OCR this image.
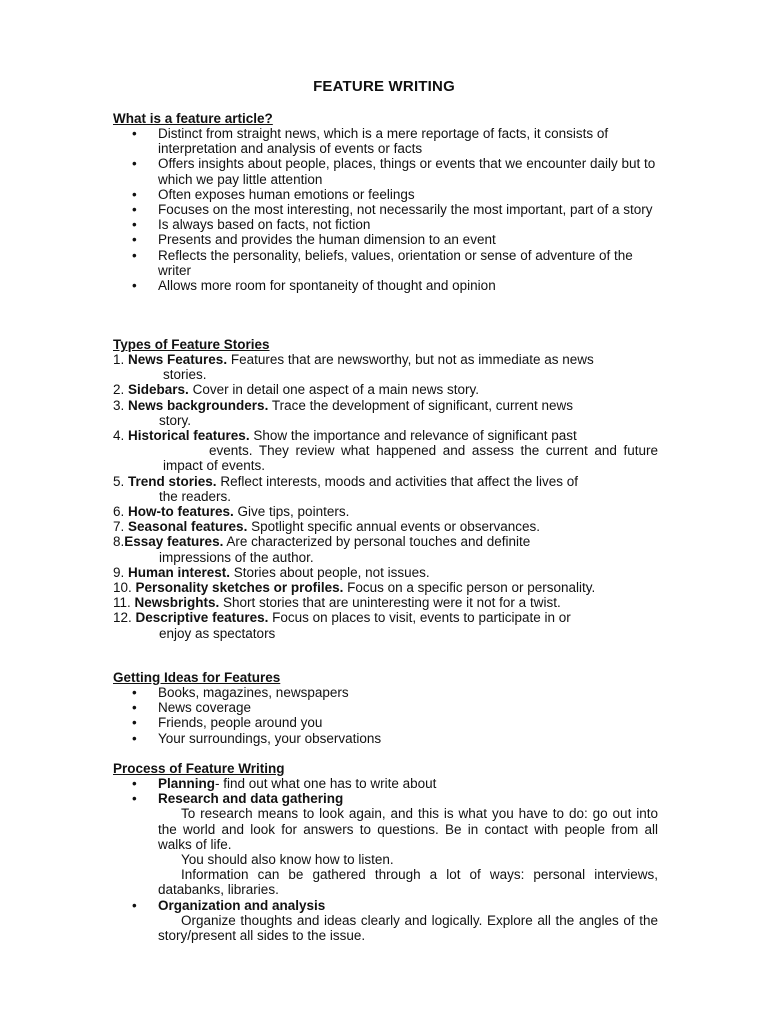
FEATURE WRITING
What is a feature article?
• Distinct from straight news, which is a mere reportage of facts, it consists of interpretation and analysis of events or facts
• Offers insights about people, places, things or events that we encounter daily but to which we pay little attention
• Often exposes human emotions or feelings
• Focuses on the most interesting, not necessarily the most important, part of a story
• Is always based on facts, not fiction
• Presents and provides the human dimension to an event
• Reflects the personality, beliefs, values, orientation or sense of adventure of the writer
• Allows more room for spontaneity of thought and opinion
Types of Feature Stories
1. News Features. Features that are newsworthy, but not as immediate as news
stories.
2. Sidebars. Cover in detail one aspect of a main news story.
3. News backgrounders. Trace the development of significant, current news
story.
4. Historical features. Show the importance and relevance of significant past
events. They review what happened and assess the current and future impact of events.
5. Trend stories. Reflect interests, moods and activities that affect the lives of
the readers.
6. How-to features. Give tips, pointers.
7. Seasonal features. Spotlight specific annual events or observances.
8.Essay features. Are characterized by personal touches and definite
impressions of the author.
9. Human interest. Stories about people, not issues.
10. Personality sketches or profiles. Focus on a specific person or personality.
11. Newsbrights. Short stories that are uninteresting were it not for a twist.
12. Descriptive features. Focus on places to visit, events to participate in or
enjoy as spectators
Getting Ideas for Features
• Books, magazines, newspapers
• News coverage
• Friends, people around you
• Your surroundings, your observations
Process of Feature Writing
• Planning- find out what one has to write about
• Research and data gathering
To research means to look again, and this is what you have to do: go out into the world and look for answers to questions. Be in contact with people from all walks of life.
You should also know how to listen.
Information can be gathered through a lot of ways: personal interviews, databanks, libraries.
• Organization and analysis
Organize thoughts and ideas clearly and logically. Explore all the angles of the story/present all sides to the issue.
